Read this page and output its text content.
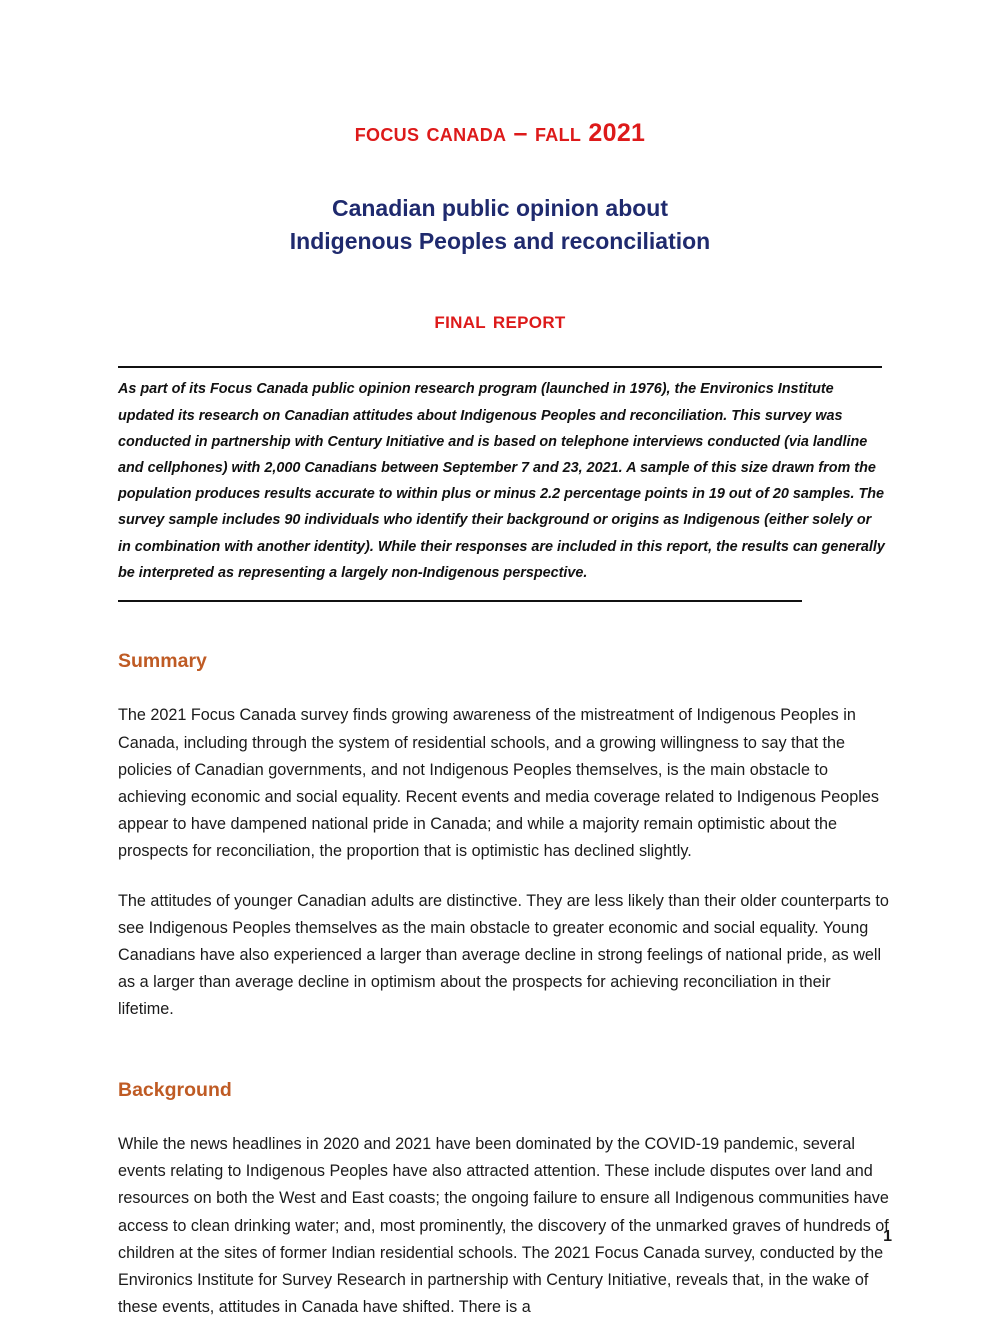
focus canada – fall 2021
Canadian public opinion about
Indigenous Peoples and reconciliation
final report

As part of its Focus Canada public opinion research program (launched in 1976), the Environics Institute updated its research on Canadian attitudes about Indigenous Peoples and reconciliation. This survey was conducted in partnership with Century Initiative and is based on telephone interviews conducted (via landline and cellphones) with 2,000 Canadians between September 7 and 23, 2021. A sample of this size drawn from the population produces results accurate to within plus or minus 2.2 percentage points in 19 out of 20 samples. The survey sample includes 90 individuals who identify their background or origins as Indigenous (either solely or in combination with another identity). While their responses are included in this report, the results can generally be interpreted as representing a largely non-Indigenous perspective.

Summary

The 2021 Focus Canada survey finds growing awareness of the mistreatment of Indigenous Peoples in Canada, including through the system of residential schools, and a growing willingness to say that the policies of Canadian governments, and not Indigenous Peoples themselves, is the main obstacle to achieving economic and social equality. Recent events and media coverage related to Indigenous Peoples appear to have dampened national pride in Canada; and while a majority remain optimistic about the prospects for reconciliation, the proportion that is optimistic has declined slightly.

The attitudes of younger Canadian adults are distinctive. They are less likely than their older counterparts to see Indigenous Peoples themselves as the main obstacle to greater economic and social equality. Young Canadians have also experienced a larger than average decline in strong feelings of national pride, as well as a larger than average decline in optimism about the prospects for achieving reconciliation in their lifetime.

Background

While the news headlines in 2020 and 2021 have been dominated by the COVID-19 pandemic, several events relating to Indigenous Peoples have also attracted attention. These include disputes over land and resources on both the West and East coasts; the ongoing failure to ensure all Indigenous communities have access to clean drinking water; and, most prominently, the discovery of the unmarked graves of hundreds of children at the sites of former Indian residential schools. The 2021 Focus Canada survey, conducted by the Environics Institute for Survey Research in partnership with Century Initiative, reveals that, in the wake of these events, attitudes in Canada have shifted. There is a

1
